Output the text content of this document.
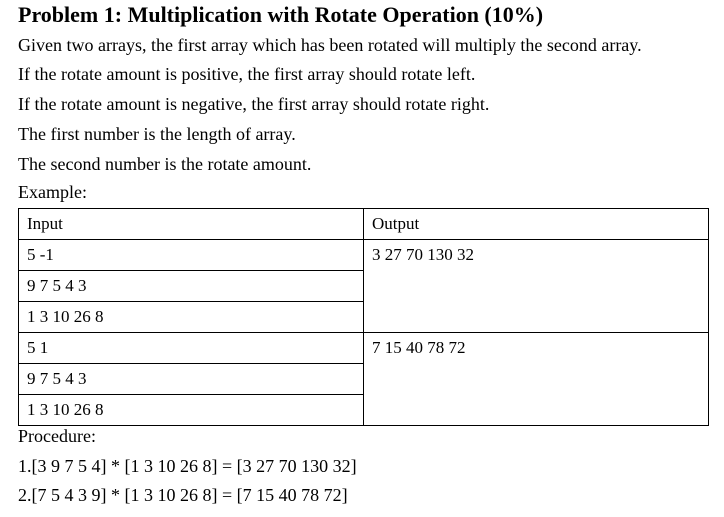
Problem 1: Multiplication with Rotate Operation (10%)
Given two arrays, the first array which has been rotated will multiply the second array.
If the rotate amount is positive, the first array should rotate left.
If the rotate amount is negative, the first array should rotate right.
The first number is the length of array.
The second number is the rotate amount.
Example:
Input	Output

5 -1
9 7 5 4 3
1 3 10 26 8	3 27 70 130 32

5 1
9 7 5 4 3
1 3 10 26 8	7 15 40 78 72
Procedure:
1.[3 9 7 5 4] * [1 3 10 26 8] = [3 27 70 130 32]
2.[7 5 4 3 9] * [1 3 10 26 8] = [7 15 40 78 72]
